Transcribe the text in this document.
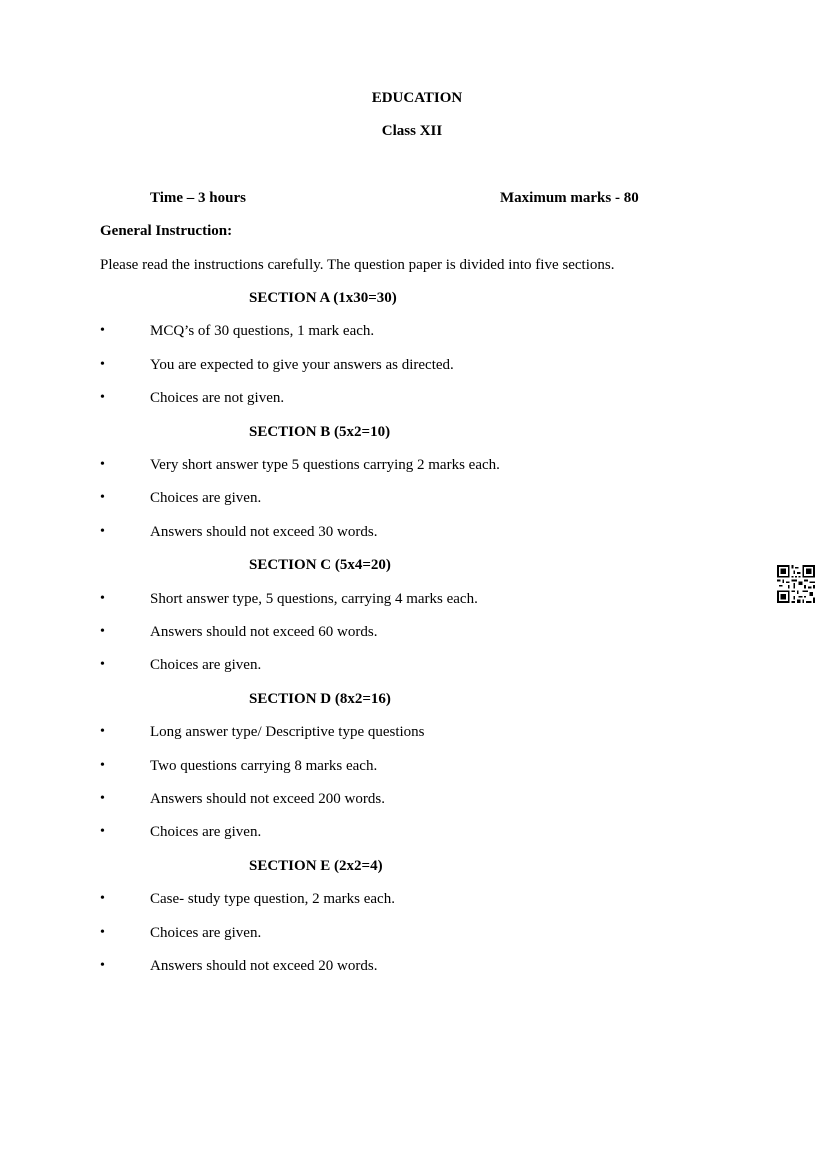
EDUCATION
Class XII
Time – 3 hours	Maximum marks - 80
General Instruction:
Please read the instructions carefully. The question paper is divided into five sections.
SECTION A (1x30=30)
•	MCQ’s of 30 questions, 1 mark each.
•	You are expected to give your answers as directed.
•	Choices are not given.
SECTION B (5x2=10)
•	Very short answer type 5 questions carrying 2 marks each.
•	Choices are given.
•	Answers should not exceed 30 words.
SECTION C (5x4=20)
•	Short answer type, 5 questions, carrying 4 marks each.
•	Answers should not exceed 60 words.
•	Choices are given.
SECTION D (8x2=16)
•	Long answer type/ Descriptive type questions
•	Two questions carrying 8 marks each.
•	Answers should not exceed 200 words.
•	Choices are given.
SECTION E (2x2=4)
•	Case- study type question, 2 marks each.
•	Choices are given.
•	Answers should not exceed 20 words.
